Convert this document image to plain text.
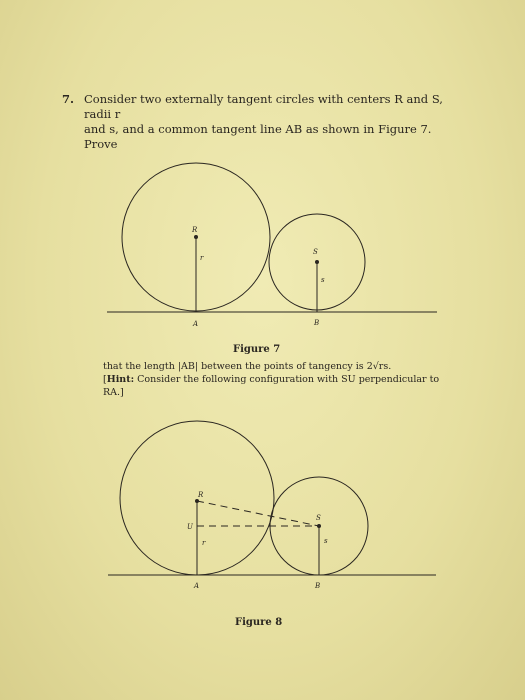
7. Consider two externally tangent circles with centers R and S, radii r
and s, and a common tangent line AB as shown in Figure 7. Prove
R
r
S
s
A	B
Figure 7
that the length |AB| between the points of tangency is 2√rs.
[Hint: Consider the following configuration with SU perpendicular to
RA.]
R
r
S
s
U
A	B
Figure 8
